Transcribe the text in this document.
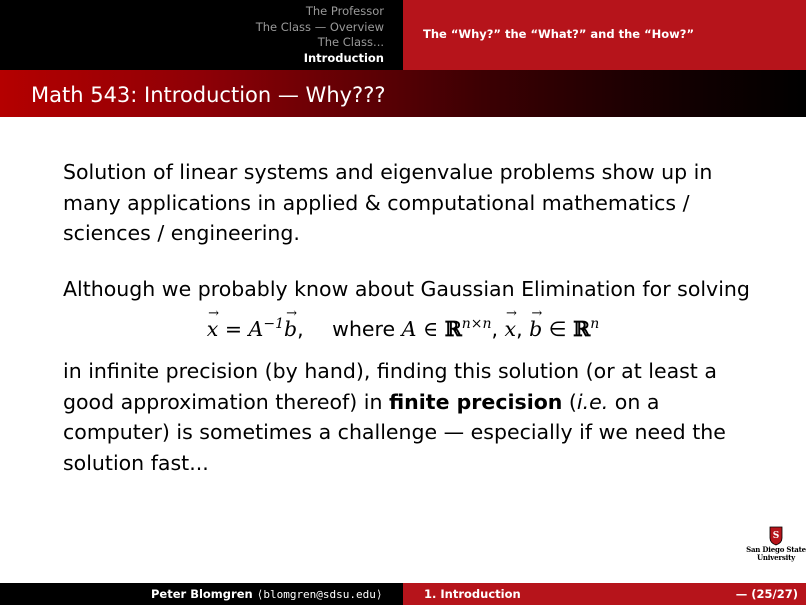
The Professor
The Class — Overview
The Class...
Introduction
The “Why?” the “What?” and the “How?”
Math 543: Introduction — Why???

Solution of linear systems and eigenvalue problems show up in many applications in applied & computational mathematics / sciences / engineering.

Although we probably know about Gaussian Elimination for solving

→ $x = A^{-1}\to b$, where A ∈ ℝ$^{n\times n}$, → x, → b ∈ ℝ$^n$

in infinite precision (by hand), finding this solution (or at least a good approximation thereof) in finite precision (i.e. on a computer) is sometimes a challenge — especially if we need the solution fast...

S
San Diego State
University
Peter Blomgren ⟨blomgren@sdsu.edu⟩	1. Introduction	— (25/27)
